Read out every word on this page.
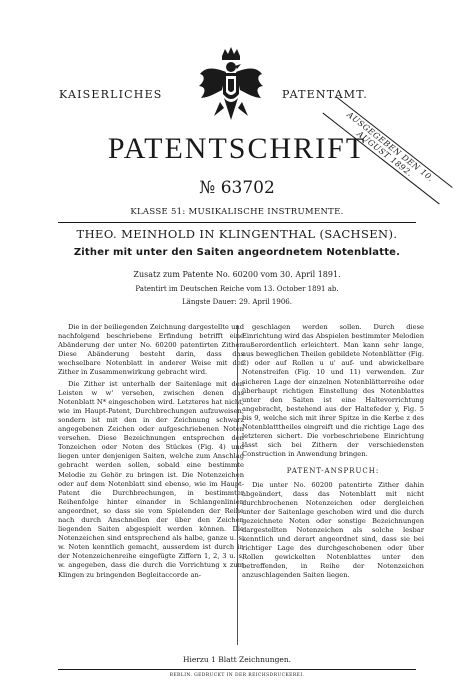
KAISERLICHES	PATENTAMT.
AUSGEGEBEN DEN 10. AUGUST 1892.
PATENTSCHRIFT
№ 63702
KLASSE 51: MUSIKALISCHE INSTRUMENTE.
THEO. MEINHOLD IN KLINGENTHAL (SACHSEN).
Zither mit unter den Saiten angeordnetem Notenblatte.
Zusatz zum Patente No. 60200 vom 30. April 1891.
Patentirt im Deutschen Reiche vom 13. October 1891 ab.
Längste Dauer: 29. April 1906.

Die in der beiliegenden Zeichnung dargestellte und nachfolgend beschriebene Erfindung betrifft eine Abänderung der unter No. 60200 patentirten Zither. Diese Abänderung besteht darin, dass das wechselbare Notenblatt in anderer Weise mit der Zither in Zusammenwirkung gebracht wird.

Die Zither ist unterhalb der Saitenlage mit den Leisten w w' versehen, zwischen denen das Notenblatt N* eingeschoben wird. Letzteres hat nicht, wie im Haupt-Patent, Durchbrechungen aufzuweisen, sondern ist mit den in der Zeichnung schwarz angegebenen Zeichen oder aufgeschriebenen Noten versehen. Diese Bezeichnungen entsprechen den Tonzeichen oder Noten des Stückes (Fig. 4) und liegen unter denjenigen Saiten, welche zum Anschlag gebracht werden sollen, sobald eine bestimmte Melodie zu Gehör zu bringen ist. Die Notenzeichen oder auf dem Notenblatt sind ebenso, wie im Haupt-Patent die Durchbrechungen, in bestimmter Reihenfolge hinter einander in Schlangenlinien angeordnet, so dass sie vom Spielenden der Reihe nach durch Anschnellen der über den Zeichen liegenden Saiten abgespielt werden können. Die Notenzeichen sind entsprechend als halbe, ganze u. s. w. Noten kenntlich gemacht, ausserdem ist durch in der Notenzeichenreihe eingefügte Ziffern 1, 2, 3 u. s. w. angegeben, dass die durch die Vorrichtung x zum Klingen zu bringenden Begleitaccorde an-

geschlagen werden sollen. Durch diese Einrichtung wird das Abspielen bestimmter Melodien außerordentlich erleichtert. Man kann sehr lange, aus beweglichen Theilen gebildete Notenblätter (Fig. 2) oder auf Rollen u u' auf- und abwickelbare Notenstreifen (Fig. 10 und 11) verwenden. Zur sicheren Lage der einzelnen Notenblätterreihe oder überhaupt richtigen Einstellung des Notenblattes unter den Saiten ist eine Haltevorrichtung angebracht, bestehend aus der Haltefeder y, Fig. 5 bis 9, welche sich mit ihrer Spitze in die Kerbe z des Notenblatttheiles eingreift und die richtige Lage des letzteren sichert. Die vorbeschriebene Einrichtung lässt sich bei Zithern der verschiedensten Construction in Anwendung bringen.

PATENT-ANSPRUCH:

Die unter No. 60200 patentirte Zither dahin abgeändert, dass das Notenblatt mit nicht durchbrochenen Notenzeichen oder dergleichen unter der Saitenlage geschoben wird und die durch gezeichnete Noten oder sonstige Bezeichnungen dargestellten Notenzeichen als solche lesbar kenntlich und derart angeordnet sind, dass sie bei richtiger Lage des durchgeschobenen oder über Rollen gewickelten Notenblattes unter den betreffenden, in Reihe der Notenzeichen anzuschlagenden Saiten liegen.

Hierzu 1 Blatt Zeichnungen.
BERLIN. GEDRUCKT IN DER REICHSDRUCKEREI.
